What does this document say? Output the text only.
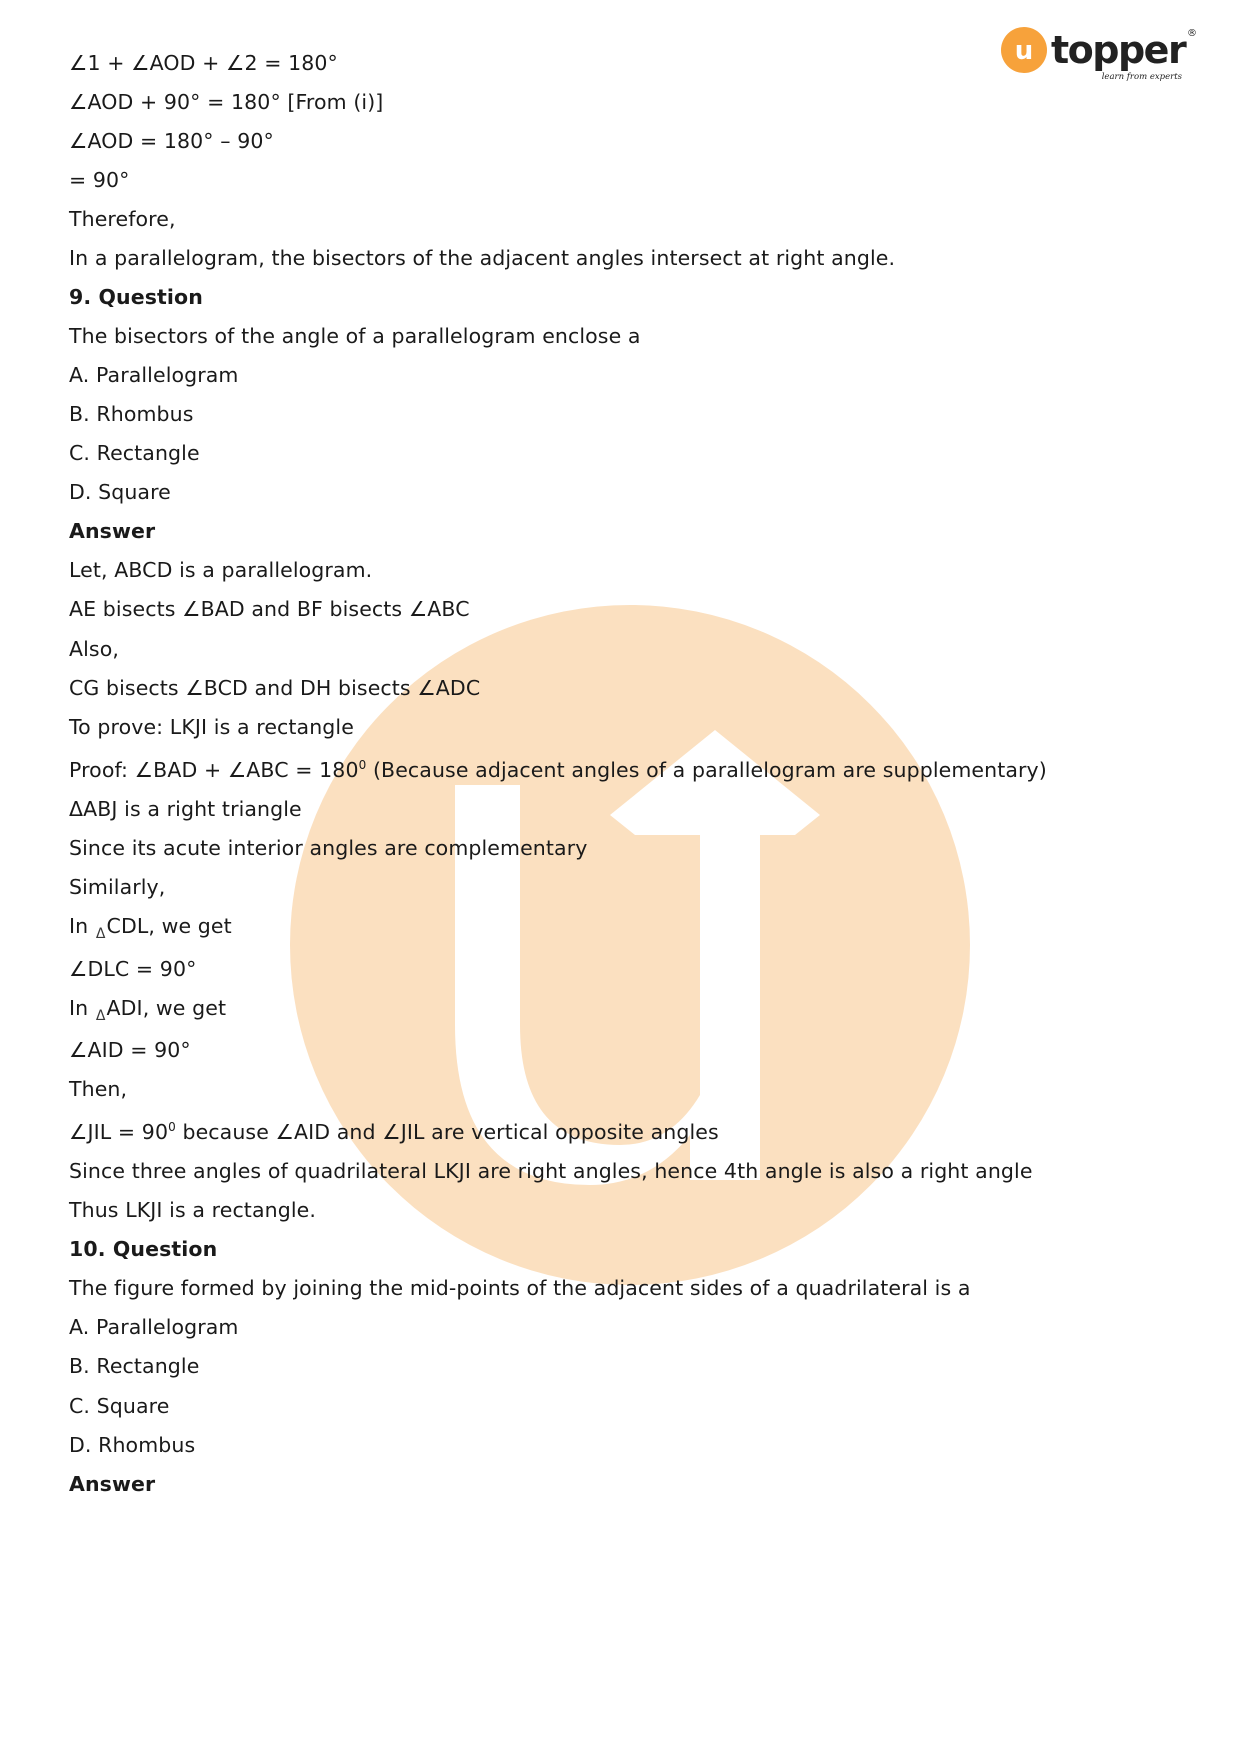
u topper ®
learn from experts
∠1 + ∠AOD + ∠2 = 180°
∠AOD + 90° = 180° [From (i)]
∠AOD = 180° – 90°
= 90°
Therefore,
In a parallelogram, the bisectors of the adjacent angles intersect at right angle.
9. Question
The bisectors of the angle of a parallelogram enclose a
A. Parallelogram
B. Rhombus
C. Rectangle
D. Square
Answer
Let, ABCD is a parallelogram.
AE bisects ∠BAD and BF bisects ∠ABC
Also,
CG bisects ∠BCD and DH bisects ∠ADC
To prove: LKJI is a rectangle
Proof: ∠BAD + ∠ABC = $180^0$ (Because adjacent angles of a parallelogram are supplementary)
ΔABJ is a right triangle
Since its acute interior angles are complementary
Similarly,
In ΔCDL, we get
∠DLC = 90°
In ΔADI, we get
∠AID = 90°
Then,
∠JIL = $90^0$ because ∠AID and ∠JIL are vertical opposite angles
Since three angles of quadrilateral LKJI are right angles, hence 4th angle is also a right angle
Thus LKJI is a rectangle.
10. Question
The figure formed by joining the mid-points of the adjacent sides of a quadrilateral is a
A. Parallelogram
B. Rectangle
C. Square
D. Rhombus
Answer
